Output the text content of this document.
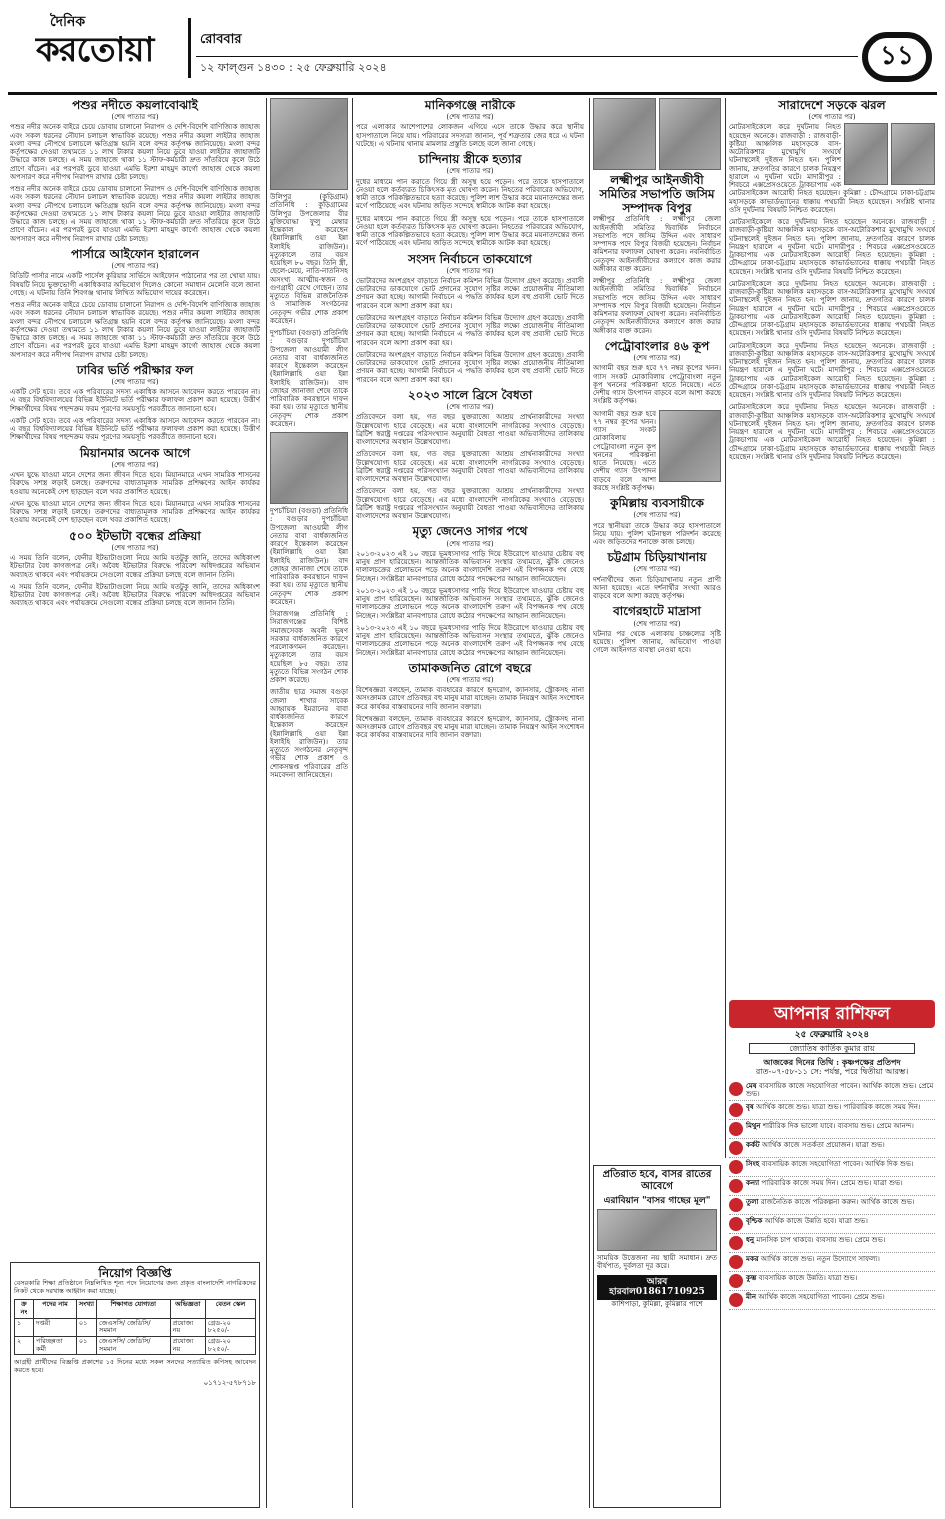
দৈনিক
করতোয়া	রোববার
১২ ফাল্গুন ১৪৩০ : ২৫ ফেব্রুয়ারি ২০২৪	১১
পশুর নদীতে কয়লাবোঝাই
(শেষ পাতার পর)

পশুর নদীর অনেক বাইরে চেয়ে ডোবায় চালানো নিরাপদ ও দেশি-বিদেশি বাণিজ্যিক জাহাজ এবং সকল ধরনের নৌযান চলাচল স্বাভাবিক রয়েছে। পশুর নদীর কয়লা লাইটার জাহাজ মংলা বন্দর নৌপথে চলাচলে ক্ষতিগ্রস্ত হয়নি বলে বন্দর কর্তৃপক্ষ জানিয়েছে। মংলা বন্দর কর্তৃপক্ষের দেওয়া তথ্যমতে ১১ লাখ টাকার কয়লা নিয়ে ডুবে যাওয়া লাইটার জাহাজটি উদ্ধারে কাজ চলছে। এ সময় জাহাজে থাকা ১১ স্টাফ-কর্মচারী দ্রুত সাঁতরিয়ে কূলে উঠে প্রাণে বাঁচেন। এর পরপরই ডুবে যাওয়া এমভি ইরশা মাহমুদ কার্গো জাহাজ থেকে কয়লা অপসারণ করে নদীপথ নিরাপদ রাখার চেষ্টা চলছে।

পশুর নদীর অনেক বাইরে চেয়ে ডোবায় চালানো নিরাপদ ও দেশি-বিদেশি বাণিজ্যিক জাহাজ এবং সকল ধরনের নৌযান চলাচল স্বাভাবিক রয়েছে। পশুর নদীর কয়লা লাইটার জাহাজ মংলা বন্দর নৌপথে চলাচলে ক্ষতিগ্রস্ত হয়নি বলে বন্দর কর্তৃপক্ষ জানিয়েছে। মংলা বন্দর কর্তৃপক্ষের দেওয়া তথ্যমতে ১১ লাখ টাকার কয়লা নিয়ে ডুবে যাওয়া লাইটার জাহাজটি উদ্ধারে কাজ চলছে। এ সময় জাহাজে থাকা ১১ স্টাফ-কর্মচারী দ্রুত সাঁতরিয়ে কূলে উঠে প্রাণে বাঁচেন। এর পরপরই ডুবে যাওয়া এমভি ইরশা মাহমুদ কার্গো জাহাজ থেকে কয়লা অপসারণ করে নদীপথ নিরাপদ রাখার চেষ্টা চলছে।

পার্সারে আইফোন হারালেন
(শেষ পাতার পর)

বিডিটি পার্সার নামে একটি পার্সেল কুরিয়ার সার্ভিসে আইফোন পাঠানোর পর তা খোয়া যায়। বিষয়টি নিয়ে ভুক্তভোগী একাধিকবার অভিযোগ দিলেও কোনো সমাধান মেলেনি বলে জানা গেছে। এ ঘটনায় তিনি শিবগঞ্জ থানায় লিখিত অভিযোগ দায়ের করেছেন।

পশুর নদীর অনেক বাইরে চেয়ে ডোবায় চালানো নিরাপদ ও দেশি-বিদেশি বাণিজ্যিক জাহাজ এবং সকল ধরনের নৌযান চলাচল স্বাভাবিক রয়েছে। পশুর নদীর কয়লা লাইটার জাহাজ মংলা বন্দর নৌপথে চলাচলে ক্ষতিগ্রস্ত হয়নি বলে বন্দর কর্তৃপক্ষ জানিয়েছে। মংলা বন্দর কর্তৃপক্ষের দেওয়া তথ্যমতে ১১ লাখ টাকার কয়লা নিয়ে ডুবে যাওয়া লাইটার জাহাজটি উদ্ধারে কাজ চলছে। এ সময় জাহাজে থাকা ১১ স্টাফ-কর্মচারী দ্রুত সাঁতরিয়ে কূলে উঠে প্রাণে বাঁচেন। এর পরপরই ডুবে যাওয়া এমভি ইরশা মাহমুদ কার্গো জাহাজ থেকে কয়লা অপসারণ করে নদীপথ নিরাপদ রাখার চেষ্টা চলছে।

ঢাবির ভর্তি পরীক্ষার ফল
(শেষ পাতার পর)

একটি সেট হবে। তবে এক পরিবারের সদস্য একাধিক আসনে আবেদন করতে পারবেন না। এ বছর বিশ্ববিদ্যালয়ের বিভিন্ন ইউনিটে ভর্তি পরীক্ষার ফলাফল প্রকাশ করা হয়েছে। উত্তীর্ণ শিক্ষার্থীদের বিষয় পছন্দক্রম ফরম পূরণের সময়সূচি পরবর্তীতে জানানো হবে।

একটি সেট হবে। তবে এক পরিবারের সদস্য একাধিক আসনে আবেদন করতে পারবেন না। এ বছর বিশ্ববিদ্যালয়ের বিভিন্ন ইউনিটে ভর্তি পরীক্ষার ফলাফল প্রকাশ করা হয়েছে। উত্তীর্ণ শিক্ষার্থীদের বিষয় পছন্দক্রম ফরম পূরণের সময়সূচি পরবর্তীতে জানানো হবে।

মিয়ানমার অনেক আগে
(শেষ পাতার পর)

এখন যুদ্ধে যাওয়া মানে দেশের জন্য জীবন দিতে হবে। মিয়ানমারে এখন সামরিক শাসনের বিরুদ্ধে সশস্ত্র লড়াই চলছে। তরুণদের বাধ্যতামূলক সামরিক প্রশিক্ষণের আইন কার্যকর হওয়ায় অনেকেই দেশ ছাড়ছেন বলে খবর প্রকাশিত হয়েছে।

এখন যুদ্ধে যাওয়া মানে দেশের জন্য জীবন দিতে হবে। মিয়ানমারে এখন সামরিক শাসনের বিরুদ্ধে সশস্ত্র লড়াই চলছে। তরুণদের বাধ্যতামূলক সামরিক প্রশিক্ষণের আইন কার্যকর হওয়ায় অনেকেই দেশ ছাড়ছেন বলে খবর প্রকাশিত হয়েছে।

৫০০ ইটভাটা বন্ধের প্রক্রিয়া
(শেষ পাতার পর)

এ সময় তিনি বলেন, ফেনীর ইটভাটাগুলো নিয়ে আমি যতটুকু জানি, তাদের অধিকাংশ ইটভাটার বৈধ কাগজপত্র নেই। অবৈধ ইটভাটার বিরুদ্ধে পরিবেশ অধিদপ্তরের অভিযান অব্যাহত থাকবে এবং পর্যায়ক্রমে সেগুলো বন্ধের প্রক্রিয়া চলছে বলে জানান তিনি।

এ সময় তিনি বলেন, ফেনীর ইটভাটাগুলো নিয়ে আমি যতটুকু জানি, তাদের অধিকাংশ ইটভাটার বৈধ কাগজপত্র নেই। অবৈধ ইটভাটার বিরুদ্ধে পরিবেশ অধিদপ্তরের অভিযান অব্যাহত থাকবে এবং পর্যায়ক্রমে সেগুলো বন্ধের প্রক্রিয়া চলছে বলে জানান তিনি।

নিয়োগ বিজ্ঞপ্তি

বেসরকারি শিক্ষা প্রতিষ্ঠানে নিম্নলিখিত শূন্য পদে নিয়োগের জন্য প্রকৃত বাংলাদেশি নাগরিকদের নিকট থেকে দরখাস্ত আহ্বান করা যাচ্ছে।

ক্র নং	পদের নাম	সংখ্যা	শিক্ষাগত যোগ্যতা	অভিজ্ঞতা	বেতন স্কেল
১	দপ্তরী	০১	জেএসসি/ জেডিসি/ সমমান	প্রযোজ্য নয়	গ্রেড-২০ ৮২৫০/-
২	পরিচ্ছন্নতা কর্মী	০১	জেএসসি/ জেডিসি/ সমমান	প্রযোজ্য নয়	গ্রেড-২০ ৮২৫০/-

আগ্রহী প্রার্থীদের বিজ্ঞপ্তি প্রকাশের ১৫ দিনের মধ্যে সকল সনদের সত্যায়িত কপিসহ আবেদন করতে হবে।

০১৭১২-৫৭৮৭১৮

উলিপুর (কুড়িগ্রাম) প্রতিনিধি : কুড়িগ্রামের উলিপুর উপজেলার বীর মুক্তিযোদ্ধা ফুলু মেম্বার ইন্তেকাল করেছেন (ইন্নালিল্লাহি ওয়া ইন্না ইলাইহি রাজিউন)। মৃত্যুকালে তার বয়স হয়েছিল ৮০ বছর। তিনি স্ত্রী, ছেলে-মেয়ে, নাতি-নাতনিসহ অসংখ্য আত্মীয়-স্বজন ও গুণগ্রাহী রেখে গেছেন। তার মৃত্যুতে বিভিন্ন রাজনৈতিক ও সামাজিক সংগঠনের নেতৃবৃন্দ গভীর শোক প্রকাশ করেছেন।

দুপচাঁচিয়া (বগুড়া) প্রতিনিধি : বগুড়ার দুপচাঁচিয়া উপজেলা আওয়ামী লীগ নেতার বাবা বার্ধক্যজনিত কারণে ইন্তেকাল করেছেন (ইন্নালিল্লাহি ওয়া ইন্না ইলাইহি রাজিউন)। বাদ জোহর জানাজা শেষে তাকে পারিবারিক কবরস্থানে দাফন করা হয়। তার মৃত্যুতে স্থানীয় নেতৃবৃন্দ শোক প্রকাশ করেছেন।

দুপচাঁচিয়া (বগুড়া) প্রতিনিধি : বগুড়ার দুপচাঁচিয়া উপজেলা আওয়ামী লীগ নেতার বাবা বার্ধক্যজনিত কারণে ইন্তেকাল করেছেন (ইন্নালিল্লাহি ওয়া ইন্না ইলাইহি রাজিউন)। বাদ জোহর জানাজা শেষে তাকে পারিবারিক কবরস্থানে দাফন করা হয়। তার মৃত্যুতে স্থানীয় নেতৃবৃন্দ শোক প্রকাশ করেছেন।

সিরাজগঞ্জ প্রতিনিধি : সিরাজগঞ্জের বিশিষ্ট সমাজসেবক অবনী ভূষণ সরকার বার্ধক্যজনিত কারণে পরলোকগমন করেছেন। মৃত্যুকালে তার বয়স হয়েছিল ৮৫ বছর। তার মৃত্যুতে বিভিন্ন সংগঠন শোক প্রকাশ করেছে।

জাতীয় ছাত্র সমাজ বগুড়া জেলা শাখার সাবেক আহ্বায়ক ইমরানের বাবা বার্ধক্যজনিত কারণে ইন্তেকাল করেছেন (ইন্নালিল্লাহি ওয়া ইন্না ইলাইহি রাজিউন)। তার মৃত্যুতে সংগঠনের নেতৃবৃন্দ গভীর শোক প্রকাশ ও শোকসন্তপ্ত পরিবারের প্রতি সমবেদনা জানিয়েছেন।

মানিকগঞ্জে নারীকে
(শেষ পাতার পর)

পরে এলাকার আশেপাশের লোকজন এগিয়ে এসে তাকে উদ্ধার করে স্থানীয় হাসপাতালে নিয়ে যায়। পরিবারের সদস্যরা জানান, পূর্ব শত্রুতার জের ধরে এ ঘটনা ঘটেছে। এ ঘটনায় থানায় মামলার প্রস্তুতি চলছে বলে জানা গেছে।

চান্দিনায় স্ত্রীকে হত্যার
(শেষ পাতার পর)

দুধের মাধ্যমে পান করাতে গিয়ে স্ত্রী অসুস্থ হয়ে পড়েন। পরে তাকে হাসপাতালে নেওয়া হলে কর্তব্যরত চিকিৎসক মৃত ঘোষণা করেন। নিহতের পরিবারের অভিযোগ, স্বামী তাকে পরিকল্পিতভাবে হত্যা করেছে। পুলিশ লাশ উদ্ধার করে ময়নাতদন্তের জন্য মর্গে পাঠিয়েছে এবং ঘটনায় জড়িত সন্দেহে স্বামীকে আটক করা হয়েছে।

দুধের মাধ্যমে পান করাতে গিয়ে স্ত্রী অসুস্থ হয়ে পড়েন। পরে তাকে হাসপাতালে নেওয়া হলে কর্তব্যরত চিকিৎসক মৃত ঘোষণা করেন। নিহতের পরিবারের অভিযোগ, স্বামী তাকে পরিকল্পিতভাবে হত্যা করেছে। পুলিশ লাশ উদ্ধার করে ময়নাতদন্তের জন্য মর্গে পাঠিয়েছে এবং ঘটনায় জড়িত সন্দেহে স্বামীকে আটক করা হয়েছে।

সংসদ নির্বাচনে তাকযোগে
(শেষ পাতার পর)

ভোটারদের অংশগ্রহণ বাড়াতে নির্বাচন কমিশন বিভিন্ন উদ্যোগ গ্রহণ করেছে। প্রবাসী ভোটারদের ডাকযোগে ভোট প্রদানের সুযোগ সৃষ্টির লক্ষ্যে প্রয়োজনীয় নীতিমালা প্রণয়ন করা হচ্ছে। আগামী নির্বাচনে এ পদ্ধতি কার্যকর হলে বহু প্রবাসী ভোট দিতে পারবেন বলে আশা প্রকাশ করা হয়।

ভোটারদের অংশগ্রহণ বাড়াতে নির্বাচন কমিশন বিভিন্ন উদ্যোগ গ্রহণ করেছে। প্রবাসী ভোটারদের ডাকযোগে ভোট প্রদানের সুযোগ সৃষ্টির লক্ষ্যে প্রয়োজনীয় নীতিমালা প্রণয়ন করা হচ্ছে। আগামী নির্বাচনে এ পদ্ধতি কার্যকর হলে বহু প্রবাসী ভোট দিতে পারবেন বলে আশা প্রকাশ করা হয়।

ভোটারদের অংশগ্রহণ বাড়াতে নির্বাচন কমিশন বিভিন্ন উদ্যোগ গ্রহণ করেছে। প্রবাসী ভোটারদের ডাকযোগে ভোট প্রদানের সুযোগ সৃষ্টির লক্ষ্যে প্রয়োজনীয় নীতিমালা প্রণয়ন করা হচ্ছে। আগামী নির্বাচনে এ পদ্ধতি কার্যকর হলে বহু প্রবাসী ভোট দিতে পারবেন বলে আশা প্রকাশ করা হয়।

২০২৩ সালে ব্রিসে বৈধতা
(শেষ পাতার পর)

প্রতিবেদনে বলা হয়, গত বছর যুক্তরাজ্যে আশ্রয় প্রার্থনাকারীদের সংখ্যা উল্লেখযোগ্য হারে বেড়েছে। এর মধ্যে বাংলাদেশি নাগরিকের সংখ্যাও বেড়েছে। ব্রিটিশ স্বরাষ্ট্র দপ্তরের পরিসংখ্যান অনুযায়ী বৈধতা পাওয়া অভিবাসীদের তালিকায় বাংলাদেশের অবস্থান উল্লেখযোগ্য।

প্রতিবেদনে বলা হয়, গত বছর যুক্তরাজ্যে আশ্রয় প্রার্থনাকারীদের সংখ্যা উল্লেখযোগ্য হারে বেড়েছে। এর মধ্যে বাংলাদেশি নাগরিকের সংখ্যাও বেড়েছে। ব্রিটিশ স্বরাষ্ট্র দপ্তরের পরিসংখ্যান অনুযায়ী বৈধতা পাওয়া অভিবাসীদের তালিকায় বাংলাদেশের অবস্থান উল্লেখযোগ্য।

প্রতিবেদনে বলা হয়, গত বছর যুক্তরাজ্যে আশ্রয় প্রার্থনাকারীদের সংখ্যা উল্লেখযোগ্য হারে বেড়েছে। এর মধ্যে বাংলাদেশি নাগরিকের সংখ্যাও বেড়েছে। ব্রিটিশ স্বরাষ্ট্র দপ্তরের পরিসংখ্যান অনুযায়ী বৈধতা পাওয়া অভিবাসীদের তালিকায় বাংলাদেশের অবস্থান উল্লেখযোগ্য।

মৃত্যু জেনেও সাগর পথে
(শেষ পাতার পর)

২০১৩-২০২৩ এই ১০ বছরে ভূমধ্যসাগর পাড়ি দিয়ে ইউরোপে যাওয়ার চেষ্টায় বহু মানুষ প্রাণ হারিয়েছেন। আন্তর্জাতিক অভিবাসন সংস্থার তথ্যমতে, ঝুঁকি জেনেও দালালচক্রের প্রলোভনে পড়ে অনেক বাংলাদেশি তরুণ এই বিপজ্জনক পথ বেছে নিচ্ছেন। সংশ্লিষ্টরা মানবপাচার রোধে কঠোর পদক্ষেপের আহ্বান জানিয়েছেন।

২০১৩-২০২৩ এই ১০ বছরে ভূমধ্যসাগর পাড়ি দিয়ে ইউরোপে যাওয়ার চেষ্টায় বহু মানুষ প্রাণ হারিয়েছেন। আন্তর্জাতিক অভিবাসন সংস্থার তথ্যমতে, ঝুঁকি জেনেও দালালচক্রের প্রলোভনে পড়ে অনেক বাংলাদেশি তরুণ এই বিপজ্জনক পথ বেছে নিচ্ছেন। সংশ্লিষ্টরা মানবপাচার রোধে কঠোর পদক্ষেপের আহ্বান জানিয়েছেন।

২০১৩-২০২৩ এই ১০ বছরে ভূমধ্যসাগর পাড়ি দিয়ে ইউরোপে যাওয়ার চেষ্টায় বহু মানুষ প্রাণ হারিয়েছেন। আন্তর্জাতিক অভিবাসন সংস্থার তথ্যমতে, ঝুঁকি জেনেও দালালচক্রের প্রলোভনে পড়ে অনেক বাংলাদেশি তরুণ এই বিপজ্জনক পথ বেছে নিচ্ছেন। সংশ্লিষ্টরা মানবপাচার রোধে কঠোর পদক্ষেপের আহ্বান জানিয়েছেন।

তামাকজনিত রোগে বছরে
(শেষ পাতার পর)

বিশেষজ্ঞরা বলছেন, তামাক ব্যবহারের কারণে হৃদরোগ, ক্যানসার, স্ট্রোকসহ নানা অসংক্রামক রোগে প্রতিবছর বহু মানুষ মারা যাচ্ছেন। তামাক নিয়ন্ত্রণ আইন সংশোধন করে কার্যকর বাস্তবায়নের দাবি জানান বক্তারা।

বিশেষজ্ঞরা বলছেন, তামাক ব্যবহারের কারণে হৃদরোগ, ক্যানসার, স্ট্রোকসহ নানা অসংক্রামক রোগে প্রতিবছর বহু মানুষ মারা যাচ্ছেন। তামাক নিয়ন্ত্রণ আইন সংশোধন করে কার্যকর বাস্তবায়নের দাবি জানান বক্তারা।

লক্ষ্মীপুর আইনজীবী সমিতির সভাপতি জসিম সম্পাদক বিপুর

লক্ষ্মীপুর প্রতিনিধি : লক্ষ্মীপুর জেলা আইনজীবী সমিতির দ্বিবার্ষিক নির্বাচনে সভাপতি পদে জসিম উদ্দিন এবং সাধারণ সম্পাদক পদে বিপুর বিজয়ী হয়েছেন। নির্বাচন কমিশনার ফলাফল ঘোষণা করেন। নবনির্বাচিত নেতৃবৃন্দ আইনজীবীদের কল্যাণে কাজ করার অঙ্গীকার ব্যক্ত করেন।

লক্ষ্মীপুর প্রতিনিধি : লক্ষ্মীপুর জেলা আইনজীবী সমিতির দ্বিবার্ষিক নির্বাচনে সভাপতি পদে জসিম উদ্দিন এবং সাধারণ সম্পাদক পদে বিপুর বিজয়ী হয়েছেন। নির্বাচন কমিশনার ফলাফল ঘোষণা করেন। নবনির্বাচিত নেতৃবৃন্দ আইনজীবীদের কল্যাণে কাজ করার অঙ্গীকার ব্যক্ত করেন।

পেট্রোবাংলার ৪৬ কূপ
(শেষ পাতার পর)

আগামী বছর শুরু হবে ৭৭ নম্বর কূপের খনন। গ্যাস সংকট মোকাবিলায় পেট্রোবাংলা নতুন কূপ খননের পরিকল্পনা হাতে নিয়েছে। এতে দেশীয় গ্যাস উৎপাদন বাড়বে বলে আশা করছে সংশ্লিষ্ট কর্তৃপক্ষ।

আগামী বছর শুরু হবে ৭৭ নম্বর কূপের খনন। গ্যাস সংকট মোকাবিলায় পেট্রোবাংলা নতুন কূপ খননের পরিকল্পনা হাতে নিয়েছে। এতে দেশীয় গ্যাস উৎপাদন বাড়বে বলে আশা করছে সংশ্লিষ্ট কর্তৃপক্ষ।

কুমিল্লায় ব্যবসায়ীকে
(শেষ পাতার পর)

পরে স্থানীয়রা তাকে উদ্ধার করে হাসপাতালে নিয়ে যায়। পুলিশ ঘটনাস্থল পরিদর্শন করেছে এবং জড়িতদের শনাক্তে কাজ চলছে।

চট্টগ্রাম চিড়িয়াখানায়
(শেষ পাতার পর)

দর্শনার্থীদের জন্য চিড়িয়াখানায় নতুন প্রাণী আনা হয়েছে। এতে দর্শনার্থীর সংখ্যা আরও বাড়বে বলে আশা করছে কর্তৃপক্ষ।

বাগেরহাটে মাদ্রাসা
(শেষ পাতার পর)

ঘটনার পর থেকে এলাকায় চাঞ্চল্যের সৃষ্টি হয়েছে। পুলিশ জানায়, অভিযোগ পাওয়া গেলে আইনগত ব্যবস্থা নেওয়া হবে।

প্রতিরাত হবে, বাসর রাতের আবেগে
এরাবিয়ান "বাসর গাছের মূল"

সাময়িক উত্তেজনা নয় স্থায়ী সমাধান। দ্রুত বীর্যপাত, দুর্বলতা দূর করে।

আরব হারবাল01861710925
কাশিপাড়া, কুমিল্লা, কুমিল্লার পাশে
সারাদেশে সড়কে ঝরল
(শেষ পাতার পর)

মোটরসাইকেলে করে দুর্ঘটনায় নিহত হয়েছেন অনেকে। রাজবাড়ী : রাজবাড়ী-কুষ্টিয়া আঞ্চলিক মহাসড়কে বাস-অটোরিকশার মুখোমুখি সংঘর্ষে ঘটনাস্থলেই দুইজন নিহত হন। পুলিশ জানায়, দ্রুতগতির কারণে চালক নিয়ন্ত্রণ হারালে এ দুর্ঘটনা ঘটে। মাদারীপুর : শিবচরে এক্সপ্রেসওয়েতে ট্রাকচাপায় এক মোটরসাইকেল আরোহী নিহত হয়েছেন। কুমিল্লা : চৌদ্দগ্রামে ঢাকা-চট্টগ্রাম মহাসড়কে কাভার্ডভ্যানের ধাক্কায় পথচারী নিহত হয়েছেন। সংশ্লিষ্ট থানার ওসি দুর্ঘটনার বিষয়টি নিশ্চিত করেছেন।

মোটরসাইকেলে করে দুর্ঘটনায় নিহত হয়েছেন অনেকে। রাজবাড়ী : রাজবাড়ী-কুষ্টিয়া আঞ্চলিক মহাসড়কে বাস-অটোরিকশার মুখোমুখি সংঘর্ষে ঘটনাস্থলেই দুইজন নিহত হন। পুলিশ জানায়, দ্রুতগতির কারণে চালক নিয়ন্ত্রণ হারালে এ দুর্ঘটনা ঘটে। মাদারীপুর : শিবচরে এক্সপ্রেসওয়েতে ট্রাকচাপায় এক মোটরসাইকেল আরোহী নিহত হয়েছেন। কুমিল্লা : চৌদ্দগ্রামে ঢাকা-চট্টগ্রাম মহাসড়কে কাভার্ডভ্যানের ধাক্কায় পথচারী নিহত হয়েছেন। সংশ্লিষ্ট থানার ওসি দুর্ঘটনার বিষয়টি নিশ্চিত করেছেন।

মোটরসাইকেলে করে দুর্ঘটনায় নিহত হয়েছেন অনেকে। রাজবাড়ী : রাজবাড়ী-কুষ্টিয়া আঞ্চলিক মহাসড়কে বাস-অটোরিকশার মুখোমুখি সংঘর্ষে ঘটনাস্থলেই দুইজন নিহত হন। পুলিশ জানায়, দ্রুতগতির কারণে চালক নিয়ন্ত্রণ হারালে এ দুর্ঘটনা ঘটে। মাদারীপুর : শিবচরে এক্সপ্রেসওয়েতে ট্রাকচাপায় এক মোটরসাইকেল আরোহী নিহত হয়েছেন। কুমিল্লা : চৌদ্দগ্রামে ঢাকা-চট্টগ্রাম মহাসড়কে কাভার্ডভ্যানের ধাক্কায় পথচারী নিহত হয়েছেন। সংশ্লিষ্ট থানার ওসি দুর্ঘটনার বিষয়টি নিশ্চিত করেছেন।

মোটরসাইকেলে করে দুর্ঘটনায় নিহত হয়েছেন অনেকে। রাজবাড়ী : রাজবাড়ী-কুষ্টিয়া আঞ্চলিক মহাসড়কে বাস-অটোরিকশার মুখোমুখি সংঘর্ষে ঘটনাস্থলেই দুইজন নিহত হন। পুলিশ জানায়, দ্রুতগতির কারণে চালক নিয়ন্ত্রণ হারালে এ দুর্ঘটনা ঘটে। মাদারীপুর : শিবচরে এক্সপ্রেসওয়েতে ট্রাকচাপায় এক মোটরসাইকেল আরোহী নিহত হয়েছেন। কুমিল্লা : চৌদ্দগ্রামে ঢাকা-চট্টগ্রাম মহাসড়কে কাভার্ডভ্যানের ধাক্কায় পথচারী নিহত হয়েছেন। সংশ্লিষ্ট থানার ওসি দুর্ঘটনার বিষয়টি নিশ্চিত করেছেন।

মোটরসাইকেলে করে দুর্ঘটনায় নিহত হয়েছেন অনেকে। রাজবাড়ী : রাজবাড়ী-কুষ্টিয়া আঞ্চলিক মহাসড়কে বাস-অটোরিকশার মুখোমুখি সংঘর্ষে ঘটনাস্থলেই দুইজন নিহত হন। পুলিশ জানায়, দ্রুতগতির কারণে চালক নিয়ন্ত্রণ হারালে এ দুর্ঘটনা ঘটে। মাদারীপুর : শিবচরে এক্সপ্রেসওয়েতে ট্রাকচাপায় এক মোটরসাইকেল আরোহী নিহত হয়েছেন। কুমিল্লা : চৌদ্দগ্রামে ঢাকা-চট্টগ্রাম মহাসড়কে কাভার্ডভ্যানের ধাক্কায় পথচারী নিহত হয়েছেন। সংশ্লিষ্ট থানার ওসি দুর্ঘটনার বিষয়টি নিশ্চিত করেছেন।

আপনার রাশিফল
২৫ ফেব্রুয়ারি ২০২৪
জ্যোতিষ কার্তিক কুমার রায়
আজকের দিনের তিথি : কৃষ্ণপক্ষের প্রতিপদ
রাত-০৭-৫৮-১১ সে: পর্যন্ত, পরে দ্বিতীয়া আরম্ভ।
মেষ ব্যবসায়িক কাজে সহযোগিতা পাবেন। আর্থিক কাজে শুভ। প্রেমে শুভ।
বৃষ আর্থিক কাজে শুভ। যাত্রা শুভ। পারিবারিক কাজে সময় দিন।
মিথুন শারীরিক দিক ভালো যাবে। ব্যবসায় শুভ। প্রেমে আনন্দ।
কর্কট আর্থিক কাজে সতর্কতা প্রয়োজন। যাত্রা শুভ।
সিংহ ব্যবসায়িক কাজে সহযোগিতা পাবেন। আর্থিক দিক শুভ।
কন্যা পারিবারিক কাজে সময় দিন। প্রেমে শুভ। যাত্রা শুভ।
তুলা রাজনৈতিক কাজে পরিকল্পনা করুন। আর্থিক কাজে শুভ।
বৃশ্চিক আর্থিক কাজে উন্নতি হবে। যাত্রা শুভ।
ধনু মানসিক চাপ থাকবে। ব্যবসায় শুভ। প্রেমে শুভ।
মকর আর্থিক কাজে শুভ। নতুন উদ্যোগে সাফল্য।
কুম্ভ ব্যবসায়িক কাজে উন্নতি। যাত্রা শুভ।
মীন আর্থিক কাজে সহযোগিতা পাবেন। প্রেমে শুভ।
